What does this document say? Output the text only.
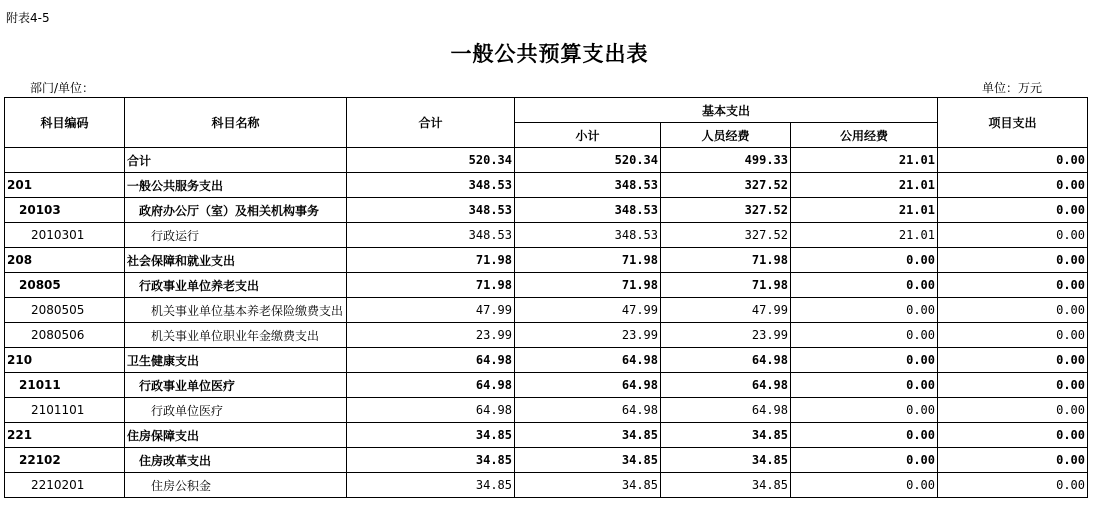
附表4-5
一般公共预算支出表
部门/单位：	单位：万元
科目编码	科目名称	合计	基本支出			项目支出
			小计	人员经费	公用经费	
	合计	520.34	520.34	499.33	21.01	0.00
201	一般公共服务支出	348.53	348.53	327.52	21.01	0.00
20103	政府办公厅（室）及相关机构事务	348.53	348.53	327.52	21.01	0.00
2010301	行政运行	348.53	348.53	327.52	21.01	0.00
208	社会保障和就业支出	71.98	71.98	71.98	0.00	0.00
20805	行政事业单位养老支出	71.98	71.98	71.98	0.00	0.00
2080505	机关事业单位基本养老保险缴费支出	47.99	47.99	47.99	0.00	0.00
2080506	机关事业单位职业年金缴费支出	23.99	23.99	23.99	0.00	0.00
210	卫生健康支出	64.98	64.98	64.98	0.00	0.00
21011	行政事业单位医疗	64.98	64.98	64.98	0.00	0.00
2101101	行政单位医疗	64.98	64.98	64.98	0.00	0.00
221	住房保障支出	34.85	34.85	34.85	0.00	0.00
22102	住房改革支出	34.85	34.85	34.85	0.00	0.00
2210201	住房公积金	34.85	34.85	34.85	0.00	0.00
